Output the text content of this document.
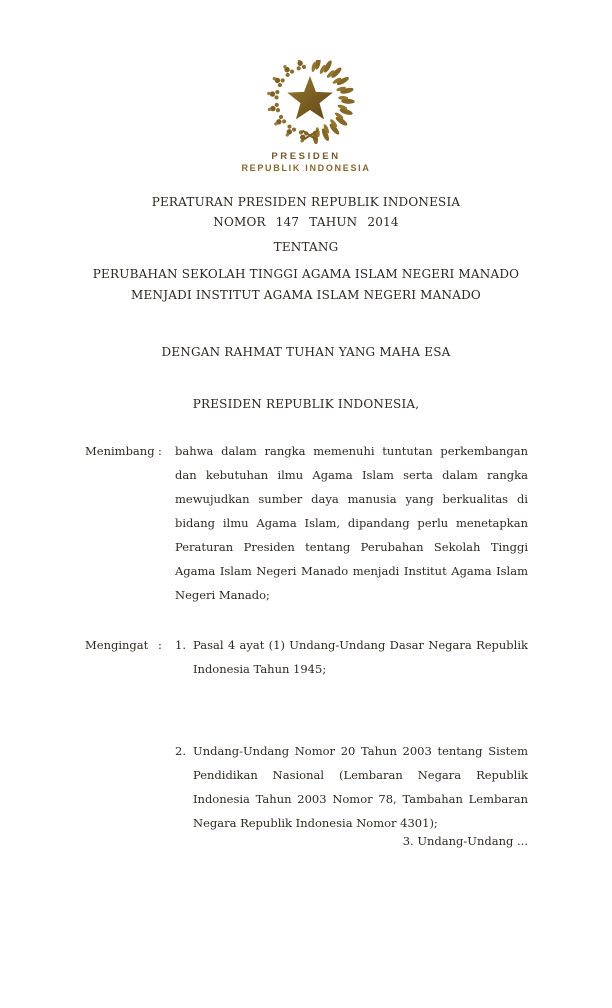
PRESIDEN
REPUBLIK INDONESIA
PERATURAN PRESIDEN REPUBLIK INDONESIA
NOMOR 147 TAHUN 2014
TENTANG
PERUBAHAN SEKOLAH TINGGI AGAMA ISLAM NEGERI MANADO
MENJADI INSTITUT AGAMA ISLAM NEGERI MANADO
DENGAN RAHMAT TUHAN YANG MAHA ESA
PRESIDEN REPUBLIK INDONESIA,
Menimbang : bahwa dalam rangka memenuhi tuntutan perkembangan
dan kebutuhan ilmu Agama Islam serta dalam rangka
mewujudkan sumber daya manusia yang berkualitas di
bidang ilmu Agama Islam, dipandang perlu menetapkan
Peraturan Presiden tentang Perubahan Sekolah Tinggi
Agama Islam Negeri Manado menjadi Institut Agama Islam
Negeri Manado;
Mengingat : 1. Pasal 4 ayat (1) Undang-Undang Dasar Negara Republik
Indonesia Tahun 1945;
2. Undang-Undang Nomor 20 Tahun 2003 tentang Sistem
Pendidikan Nasional (Lembaran Negara Republik
Indonesia Tahun 2003 Nomor 78, Tambahan Lembaran
Negara Republik Indonesia Nomor 4301);
3. Undang-Undang ...
